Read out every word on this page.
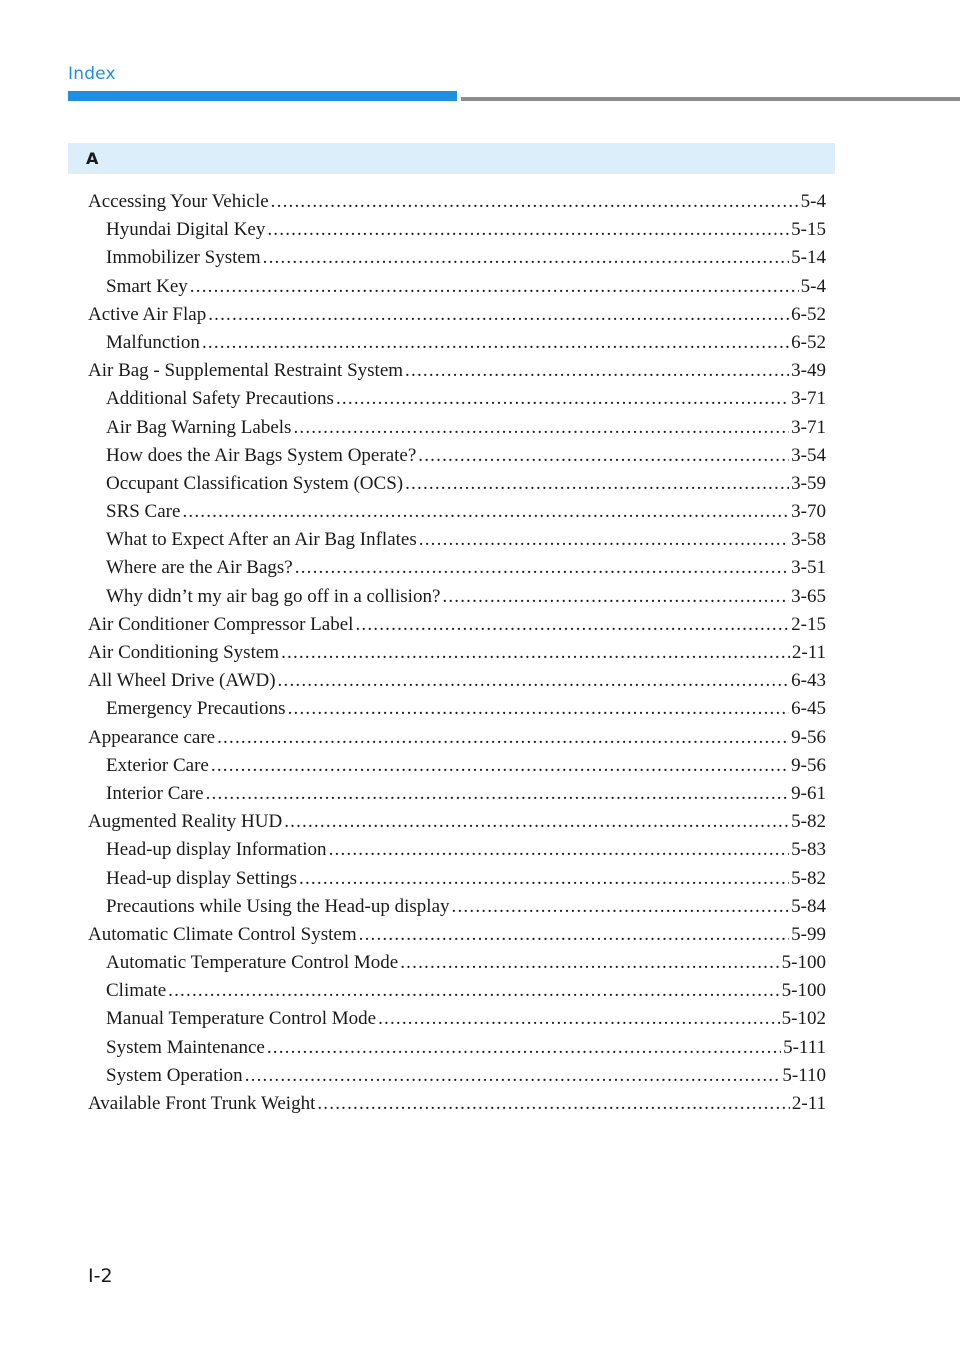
Index
A
Accessing Your Vehicle .....	5-4
Hyundai Digital Key .....	5-15
Immobilizer System .....	5-14
Smart Key .....	5-4
Active Air Flap .....	6-52
Malfunction .....	6-52
Air Bag - Supplemental Restraint System .....	3-49
Additional Safety Precautions .....	3-71
Air Bag Warning Labels .....	3-71
How does the Air Bags System Operate? .....	3-54
Occupant Classification System (OCS) .....	3-59
SRS Care .....	3-70
What to Expect After an Air Bag Inflates .....	3-58
Where are the Air Bags? .....	3-51
Why didn’t my air bag go off in a collision? .....	3-65
Air Conditioner Compressor Label .....	2-15
Air Conditioning System .....	2-11
All Wheel Drive (AWD) .....	6-43
Emergency Precautions .....	6-45
Appearance care .....	9-56
Exterior Care .....	9-56
Interior Care .....	9-61
Augmented Reality HUD .....	5-82
Head-up display Information .....	5-83
Head-up display Settings .....	5-82
Precautions while Using the Head-up display .....	5-84
Automatic Climate Control System .....	5-99
Automatic Temperature Control Mode .....	5-100
Climate .....	5-100
Manual Temperature Control Mode .....	5-102
System Maintenance .....	5-111
System Operation .....	5-110
Available Front Trunk Weight .....	2-11
I-2
